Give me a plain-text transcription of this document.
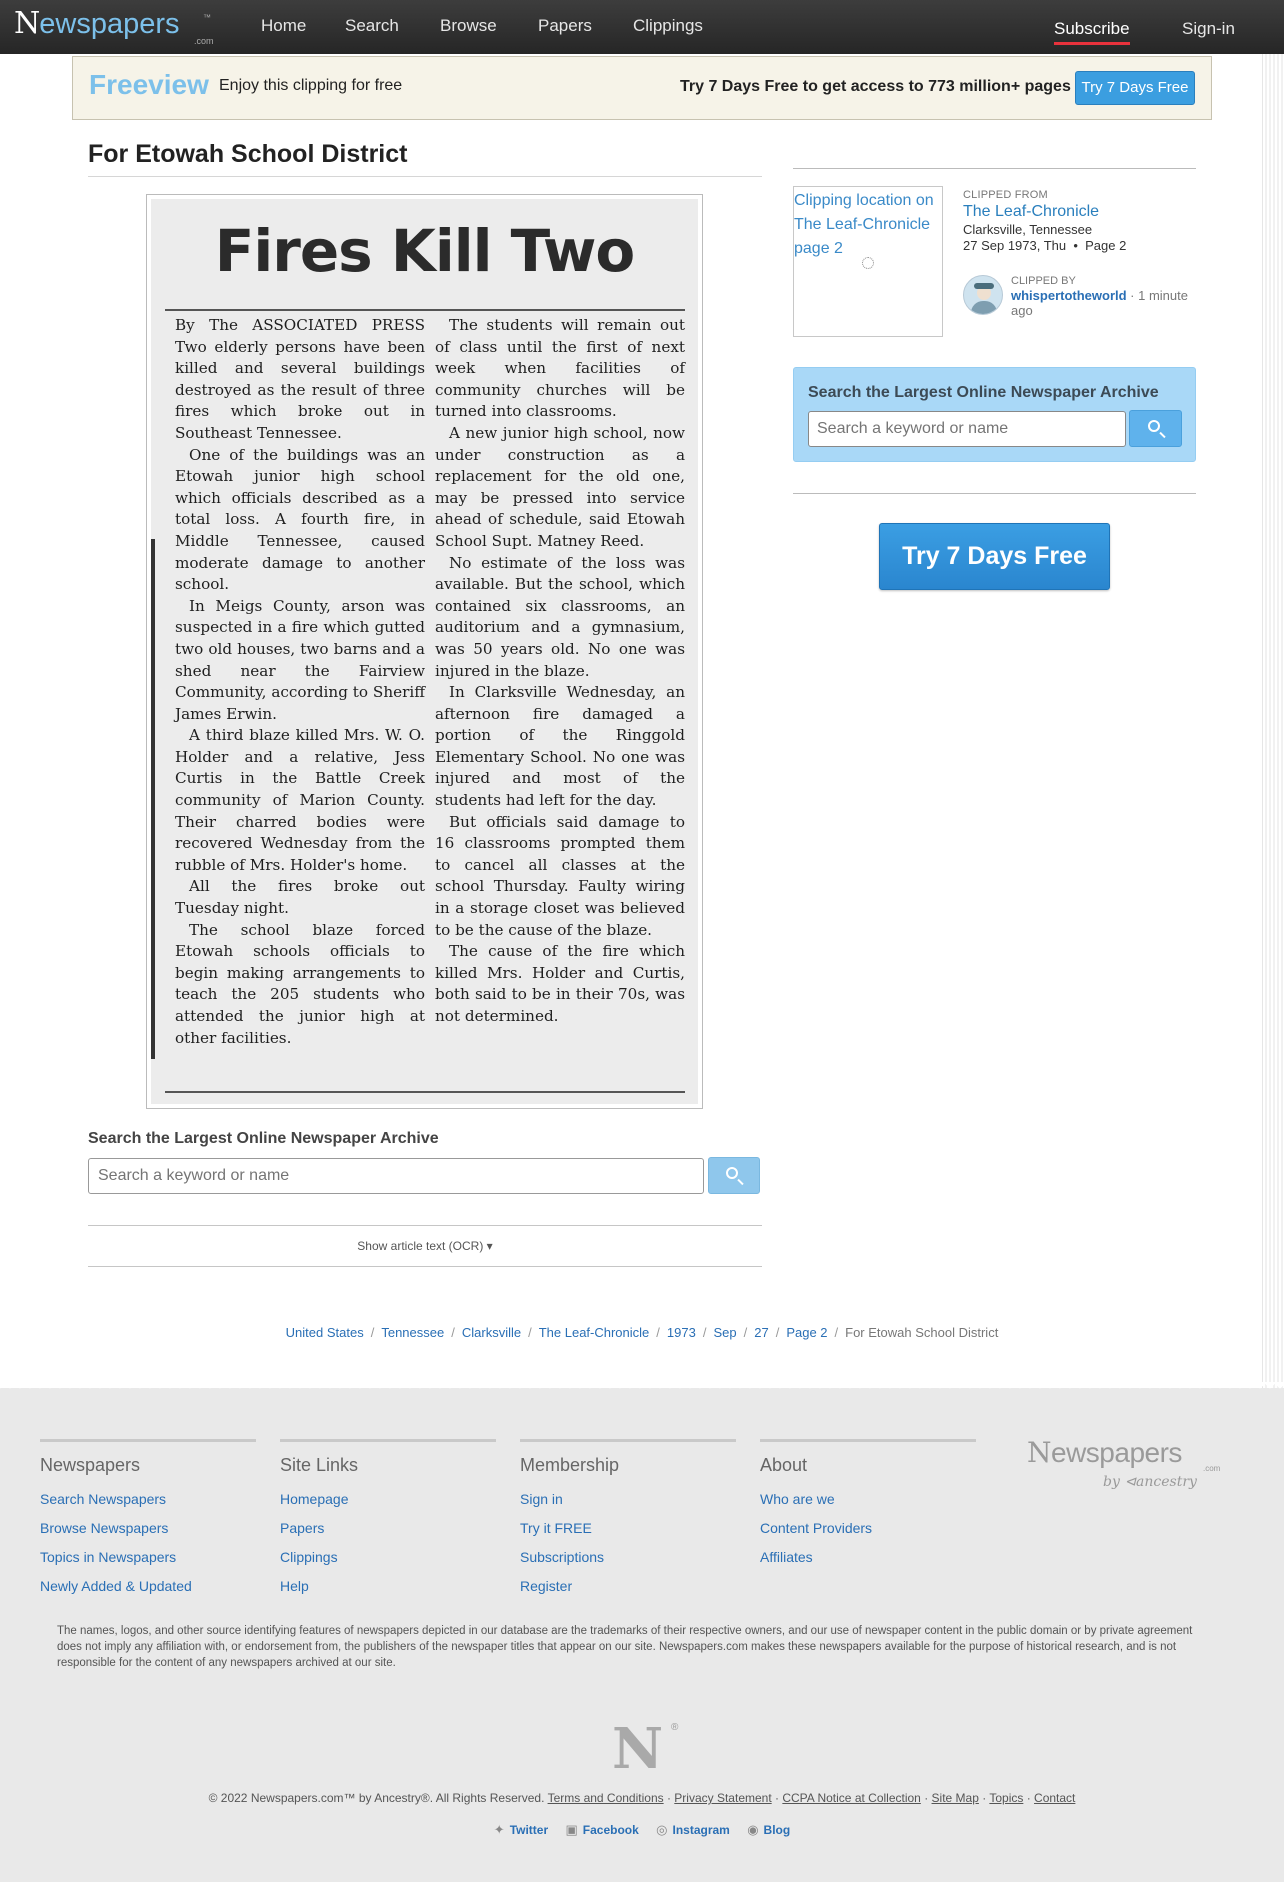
Newspapers	™
.com
Home Search Browse Papers Clippings	Subscribe	Sign-in
Freeview Enjoy this clipping for free	Try 7 Days Free to get access to 773 million+ pages Try 7 Days Free
For Etowah School District
Fires Kill Two

By The ASSOCIATED PRESS Two elderly persons have been killed and several buildings destroyed as the result of three fires which broke out in Southeast Tennessee.

One of the buildings was an Etowah junior high school which officials described as a total loss. A fourth fire, in Middle Tennessee, caused moderate damage to another school.

In Meigs County, arson was suspected in a fire which gutted two old houses, two barns and a shed near the Fairview Community, according to Sheriff James Erwin.

A third blaze killed Mrs. W. O. Holder and a relative, Jess Curtis in the Battle Creek community of Marion County. Their charred bodies were recovered Wednesday from the rubble of Mrs. Holder's home.

All the fires broke out Tuesday night.

The school blaze forced Etowah schools officials to begin making arrangements to teach the 205 students who attended the junior high at other facilities.

The students will remain out of class until the first of next week when facilities of community churches will be turned into classrooms.

A new junior high school, now under construction as a replacement for the old one, may be pressed into service ahead of schedule, said Etowah School Supt. Matney Reed.

No estimate of the loss was available. But the school, which contained six classrooms, an auditorium and a gymnasium, was 50 years old. No one was injured in the blaze.

In Clarksville Wednesday, an afternoon fire damaged a portion of the Ringgold Elementary School. No one was injured and most of the students had left for the day.

But officials said damage to 16 classrooms prompted them to cancel all classes at the school Thursday. Faulty wiring in a storage closet was believed to be the cause of the blaze.

The cause of the fire which killed Mrs. Holder and Curtis, both said to be in their 70s, was not determined.

Search the Largest Online Newspaper Archive
Search a keyword or name
Show article text (OCR) ▾
United States / Tennessee / Clarksville / The Leaf-Chronicle / 1973 / Sep / 27 / Page 2 / For Etowah School District
Clipping location on The Leaf-Chronicle page 2
CLIPPED FROM
The Leaf-Chronicle
Clarksville, Tennessee
27 Sep 1973, Thu  •  Page 2
CLIPPED BY
whispertotheworld · 1 minute ago
Search the Largest Online Newspaper Archive
Search a keyword or name
Try 7 Days Free
Newspapers
Search Newspapers
Browse Newspapers
Topics in Newspapers
Newly Added & Updated
Site Links
Homepage
Papers
Clippings
Help
Membership
Sign in
Try it FREE
Subscriptions
Register
About
Who are we
Content Providers
Affiliates
Newspapers
.com
by ⊲ancestry
The names, logos, and other source identifying features of newspapers depicted in our database are the trademarks of their respective owners, and our use of newspaper content in the public domain or by private agreement does not imply any affiliation with, or endorsement from, the publishers of the newspaper titles that appear on our site. Newspapers.com makes these newspapers available for the purpose of historical research, and is not responsible for the content of any newspapers archived at our site.
N ®
© 2022 Newspapers.com™ by Ancestry®. All Rights Reserved. Terms and Conditions · Privacy Statement · CCPA Notice at Collection · Site Map · Topics · Contact
✦ Twitter ▣ Facebook ◎ Instagram ◉ Blog
